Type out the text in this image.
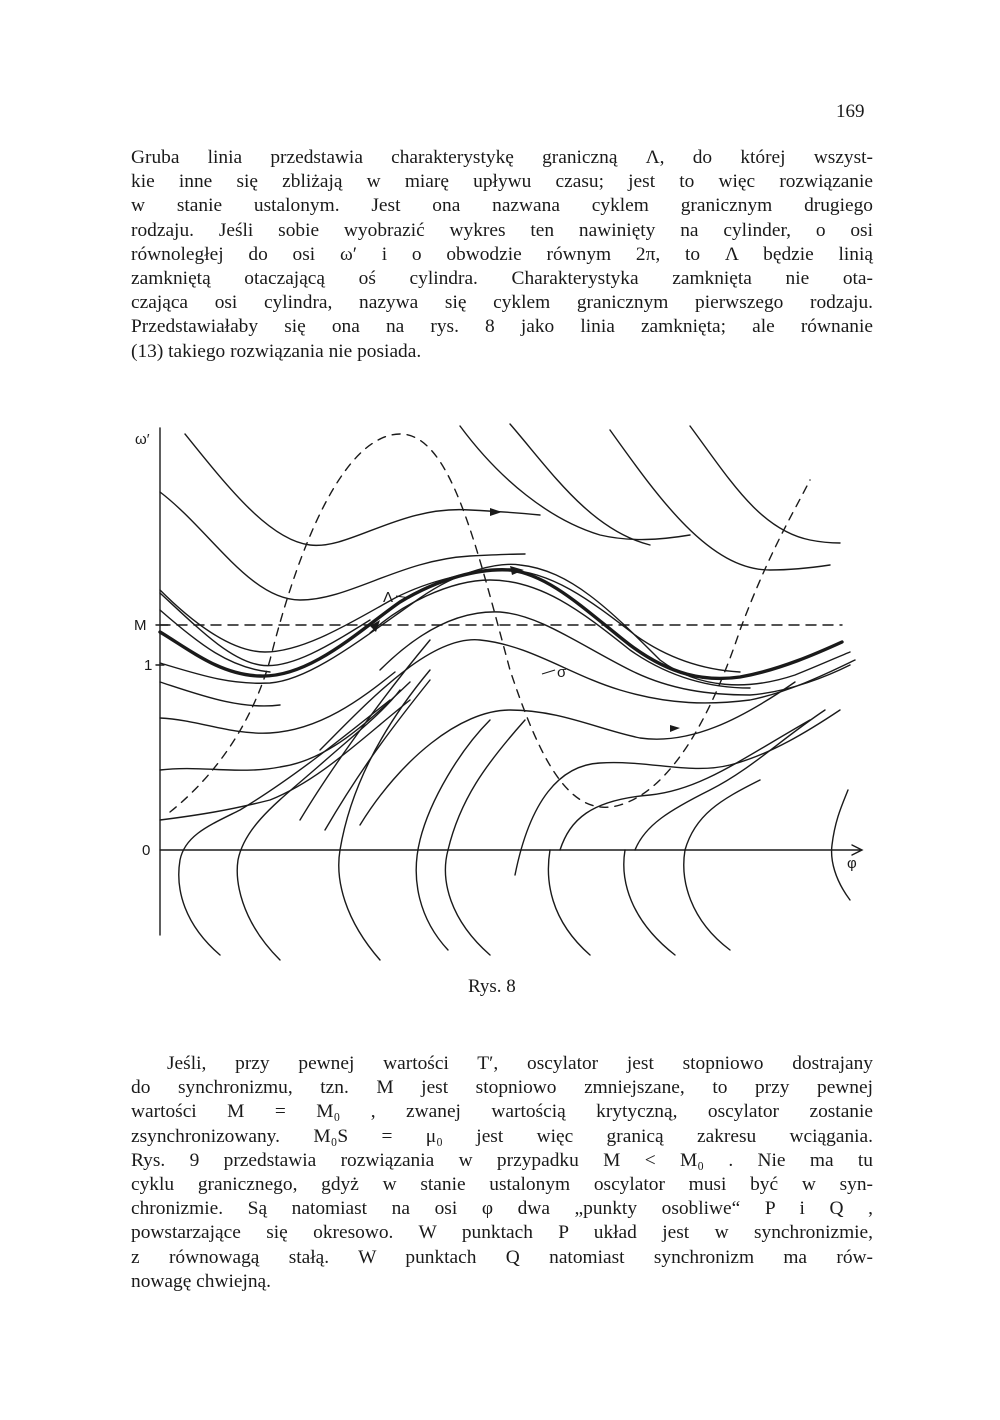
169
Gruba linia przedstawia charakterystykę graniczną Λ, do której wszyst-
kie inne się zbliżają w miarę upływu czasu; jest to więc rozwiązanie
w stanie ustalonym. Jest ona nazwana cyklem granicznym drugiego
rodzaju. Jeśli sobie wyobrazić wykres ten nawinięty na cylinder, o osi
równoległej do osi ω′ i o obwodzie równym 2π, to Λ będzie linią
zamkniętą otaczającą oś cylindra. Charakterystyka zamknięta nie ota-
czająca osi cylindra, nazywa się cyklem granicznym pierwszego rodzaju.
Przedstawiałaby się ona na rys. 8 jako linia zamknięta; ale równanie
(13) takiego rozwiązania nie posiada.
ω′
φ
M
1
0
Λ
σ
Rys. 8
Jeśli, przy pewnej wartości T′, oscylator jest stopniowo dostrajany
do synchronizmu, tzn. M jest stopniowo zmniejszane, to przy pewnej
wartości M = M₀ , zwanej wartością krytyczną, oscylator zostanie
zsynchronizowany. M₀S = μ₀ jest więc granicą zakresu wciągania.
Rys. 9 przedstawia rozwiązania w przypadku M < M₀ . Nie ma tu
cyklu granicznego, gdyż w stanie ustalonym oscylator musi być w syn-
chronizmie. Są natomiast na osi φ dwa „punkty osobliwe“ P i Q ,
powstarzające się okresowo. W punktach P układ jest w synchronizmie,
z równowagą stałą. W punktach Q natomiast synchronizm ma rów-
nowagę chwiejną.
